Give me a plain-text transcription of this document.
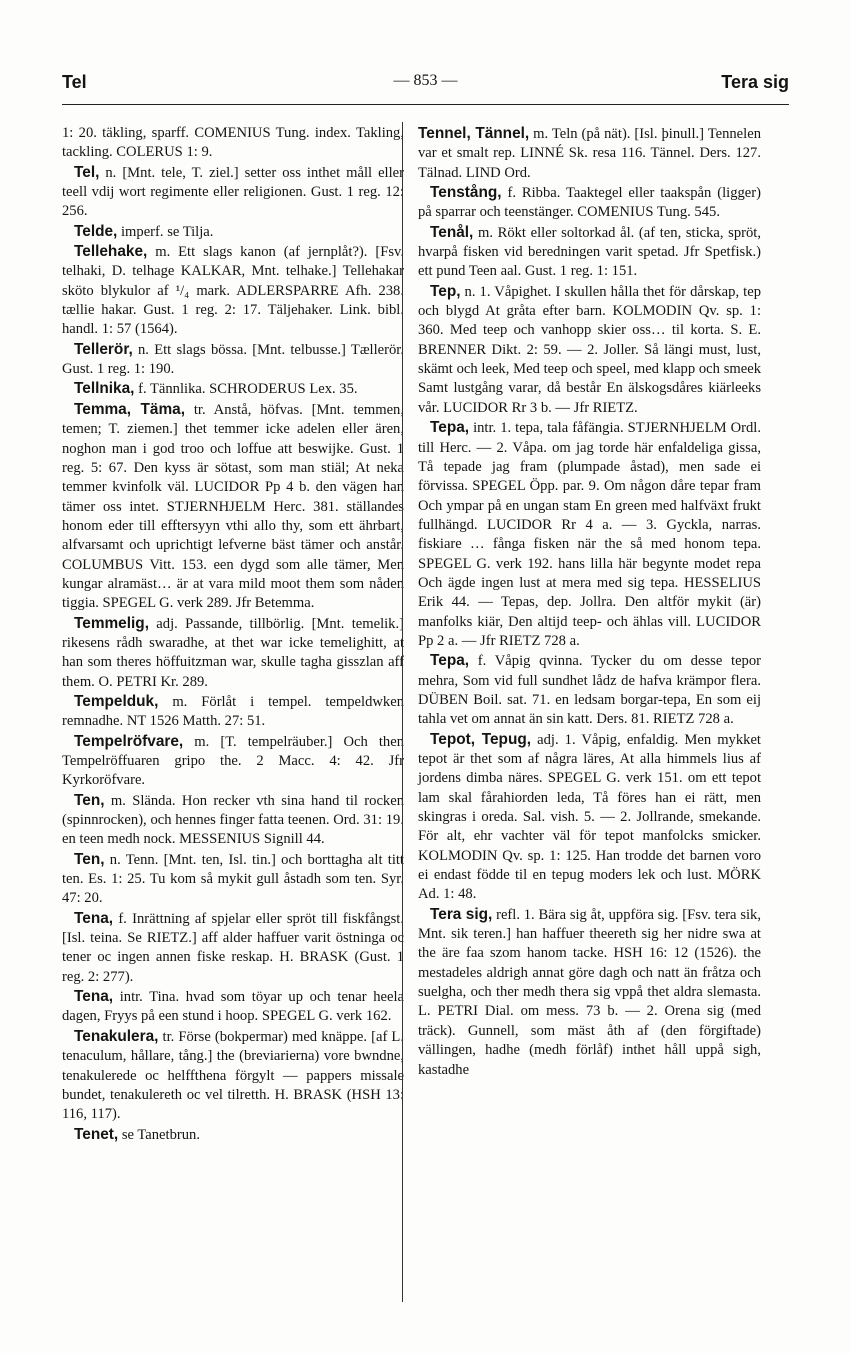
Tel	— 853 —	Tera sig

1: 20. täkling, sparff. COMENIUS Tung. index. Takling, tackling. COLERUS 1: 9.

Tel, n. [Mnt. tele, T. ziel.] setter oss inthet måll eller teell vdij wort regimente eller religionen. Gust. 1 reg. 12: 256.

Telde, imperf. se Tilja.

Tellehake, m. Ett slags kanon (af jernplåt?). [Fsv. telhaki, D. telhage KALKAR, Mnt. telhake.] Tellehakar sköto blykulor af ¹/₄ mark. ADLERSPARRE Afh. 238. tællie hakar. Gust. 1 reg. 2: 17. Täljehaker. Link. bibl. handl. 1: 57 (1564).

Tellerör, n. Ett slags bössa. [Mnt. telbusse.] Tællerör. Gust. 1 reg. 1: 190.

Tellnika, f. Tännlika. SCHRODERUS Lex. 35.

Temma, Täma, tr. Anstå, höfvas. [Mnt. temmen, temen; T. ziemen.] thet temmer icke adelen eller ären, noghon man i god troo och loffue att beswijke. Gust. 1 reg. 5: 67. Den kyss är sötast, som man stiäl; At neka temmer kvinfolk väl. LUCIDOR Pp 4 b. den vägen han tämer oss intet. STJERNHJELM Herc. 381. ställandes honom eder till efftersyyn vthi allo thy, som ett ährbart, alfvarsamt och uprichtigt lefverne bäst tämer och anstår. COLUMBUS Vitt. 153. een dygd som alle tämer, Men kungar alramäst… är at vara mild moot them som nåden tiggia. SPEGEL G. verk 289. Jfr Betemma.

Temmelig, adj. Passande, tillbörlig. [Mnt. temelik.] rikesens rådh swaradhe, at thet war icke temelighitt, at han som theres höffuitzman war, skulle tagha gisszlan aff them. O. PETRI Kr. 289.

Tempelduk, m. Förlåt i tempel. tempeldwken remnadhe. NT 1526 Matth. 27: 51.

Tempelröfvare, m. [T. tempelräuber.] Och then Tempelröffuaren gripo the. 2 Macc. 4: 42. Jfr Kyrkoröfvare.

Ten, m. Slända. Hon recker vth sina hand til rocken (spinnrocken), och hennes finger fatta teenen. Ord. 31: 19. en teen medh nock. MESSENIUS Signill 44.

Ten, n. Tenn. [Mnt. ten, Isl. tin.] och borttagha alt titt ten. Es. 1: 25. Tu kom så mykit gull åstadh som ten. Syr. 47: 20.

Tena, f. Inrättning af spjelar eller spröt till fiskfångst. [Isl. teina. Se RIETZ.] aff alder haffuer varit östninga oc tener oc ingen annen fiske reskap. H. BRASK (Gust. 1 reg. 2: 277).

Tena, intr. Tina. hvad som töyar up och tenar heela dagen, Fryys på een stund i hoop. SPEGEL G. verk 162.

Tenakulera, tr. Förse (bokpermar) med knäppe. [af L. tenaculum, hållare, tång.] the (breviarierna) vore bwndne, tenakulerede oc helffthena förgylt — pappers missale bundet, tenakulereth oc vel tilretth. H. BRASK (HSH 13: 116, 117).

Tenet, se Tanetbrun.

Tennel, Tännel, m. Teln (på nät). [Isl. þinull.] Tennelen var et smalt rep. LINNÉ Sk. resa 116. Tännel. Ders. 127. Tälnad. LIND Ord.

Tenstång, f. Ribba. Taaktegel eller taakspån (ligger) på sparrar och teenstänger. COMENIUS Tung. 545.

Tenål, m. Rökt eller soltorkad ål. (af ten, sticka, spröt, hvarpå fisken vid beredningen varit spetad. Jfr Spetfisk.) ett pund Teen aal. Gust. 1 reg. 1: 151.

Tep, n. 1. Våpighet. I skullen hålla thet för dårskap, tep och blygd At gråta efter barn. KOLMODIN Qv. sp. 1: 360. Med teep och vanhopp skier oss… til korta. S. E. BRENNER Dikt. 2: 59. — 2. Joller. Så längi must, lust, skämt och leek, Med teep och speel, med klapp och smeek Samt lustgång varar, då består En älskogsdåres kiärleeks vår. LUCIDOR Rr 3 b. — Jfr RIETZ.

Tepa, intr. 1. tepa, tala fåfängia. STJERNHJELM Ordl. till Herc. — 2. Våpa. om jag torde här enfaldeliga gissa, Tå tepade jag fram (plumpade åstad), men sade ei förvissa. SPEGEL Öpp. par. 9. Om någon dåre tepar fram Och ympar på en ungan stam En green med halfväxt frukt fullhängd. LUCIDOR Rr 4 a. — 3. Gyckla, narras. fiskiare … fånga fisken när the så med honom tepa. SPEGEL G. verk 192. hans lilla här begynte modet repa Och ägde ingen lust at mera med sig tepa. HESSELIUS Erik 44. — Tepas, dep. Jollra. Den altför mykit (är) manfolks kiär, Den altijd teep- och ählas vill. LUCIDOR Pp 2 a. — Jfr RIETZ 728 a.

Tepa, f. Våpig qvinna. Tycker du om desse tepor mehra, Som vid full sundhet lådz de hafva krämpor flera. DÜBEN Boil. sat. 71. en ledsam borgar-tepa, En som eij tahla vet om annat än sin katt. Ders. 81. RIETZ 728 a.

Tepot, Tepug, adj. 1. Våpig, enfaldig. Men mykket tepot är thet som af några läres, At alla himmels lius af jordens dimba näres. SPEGEL G. verk 151. om ett tepot lam skal fårahiorden leda, Tå föres han ei rätt, men skingras i oreda. Sal. vish. 5. — 2. Jollrande, smekande. För alt, ehr vachter väl för tepot manfolcks smicker. KOLMODIN Qv. sp. 1: 125. Han trodde det barnen voro ei endast födde til en tepug moders lek och lust. MÖRK Ad. 1: 48.

Tera sig, refl. 1. Bära sig åt, uppföra sig. [Fsv. tera sik, Mnt. sik teren.] han haffuer theereth sig her nidre swa at the äre faa szom hanom tacke. HSH 16: 12 (1526). the mestadeles aldrigh annat göre dagh och natt än fråtza och suelgha, och ther medh thera sig vppå thet aldra slemasta. L. PETRI Dial. om mess. 73 b. — 2. Orena sig (med träck). Gunnell, som mäst åth af (den förgiftade) vällingen, hadhe (medh förlåf) inthet håll uppå sigh, kastadhe
